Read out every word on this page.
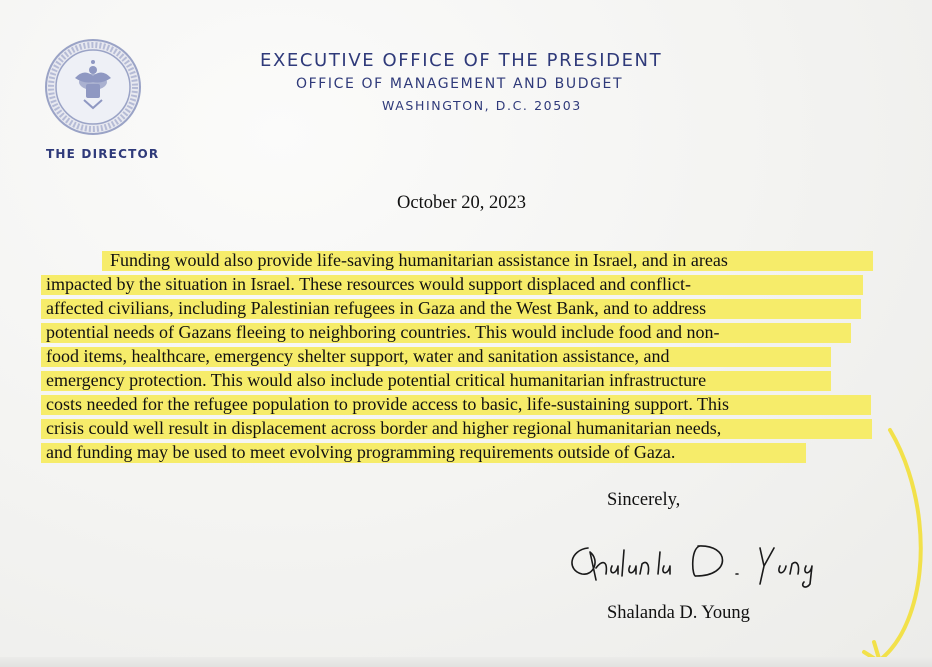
THE DIRECTOR
EXECUTIVE OFFICE OF THE PRESIDENT
OFFICE OF MANAGEMENT AND BUDGET
WASHINGTON, D.C. 20503
October 20, 2023
Funding would also provide life-saving humanitarian assistance in Israel, and in areas
impacted by the situation in Israel. These resources would support displaced and conflict-
affected civilians, including Palestinian refugees in Gaza and the West Bank, and to address
potential needs of Gazans fleeing to neighboring countries. This would include food and non-
food items, healthcare, emergency shelter support, water and sanitation assistance, and
emergency protection. This would also include potential critical humanitarian infrastructure
costs needed for the refugee population to provide access to basic, life-sustaining support. This
crisis could well result in displacement across border and higher regional humanitarian needs,
and funding may be used to meet evolving programming requirements outside of Gaza.
Sincerely,
Shalanda D. Young
